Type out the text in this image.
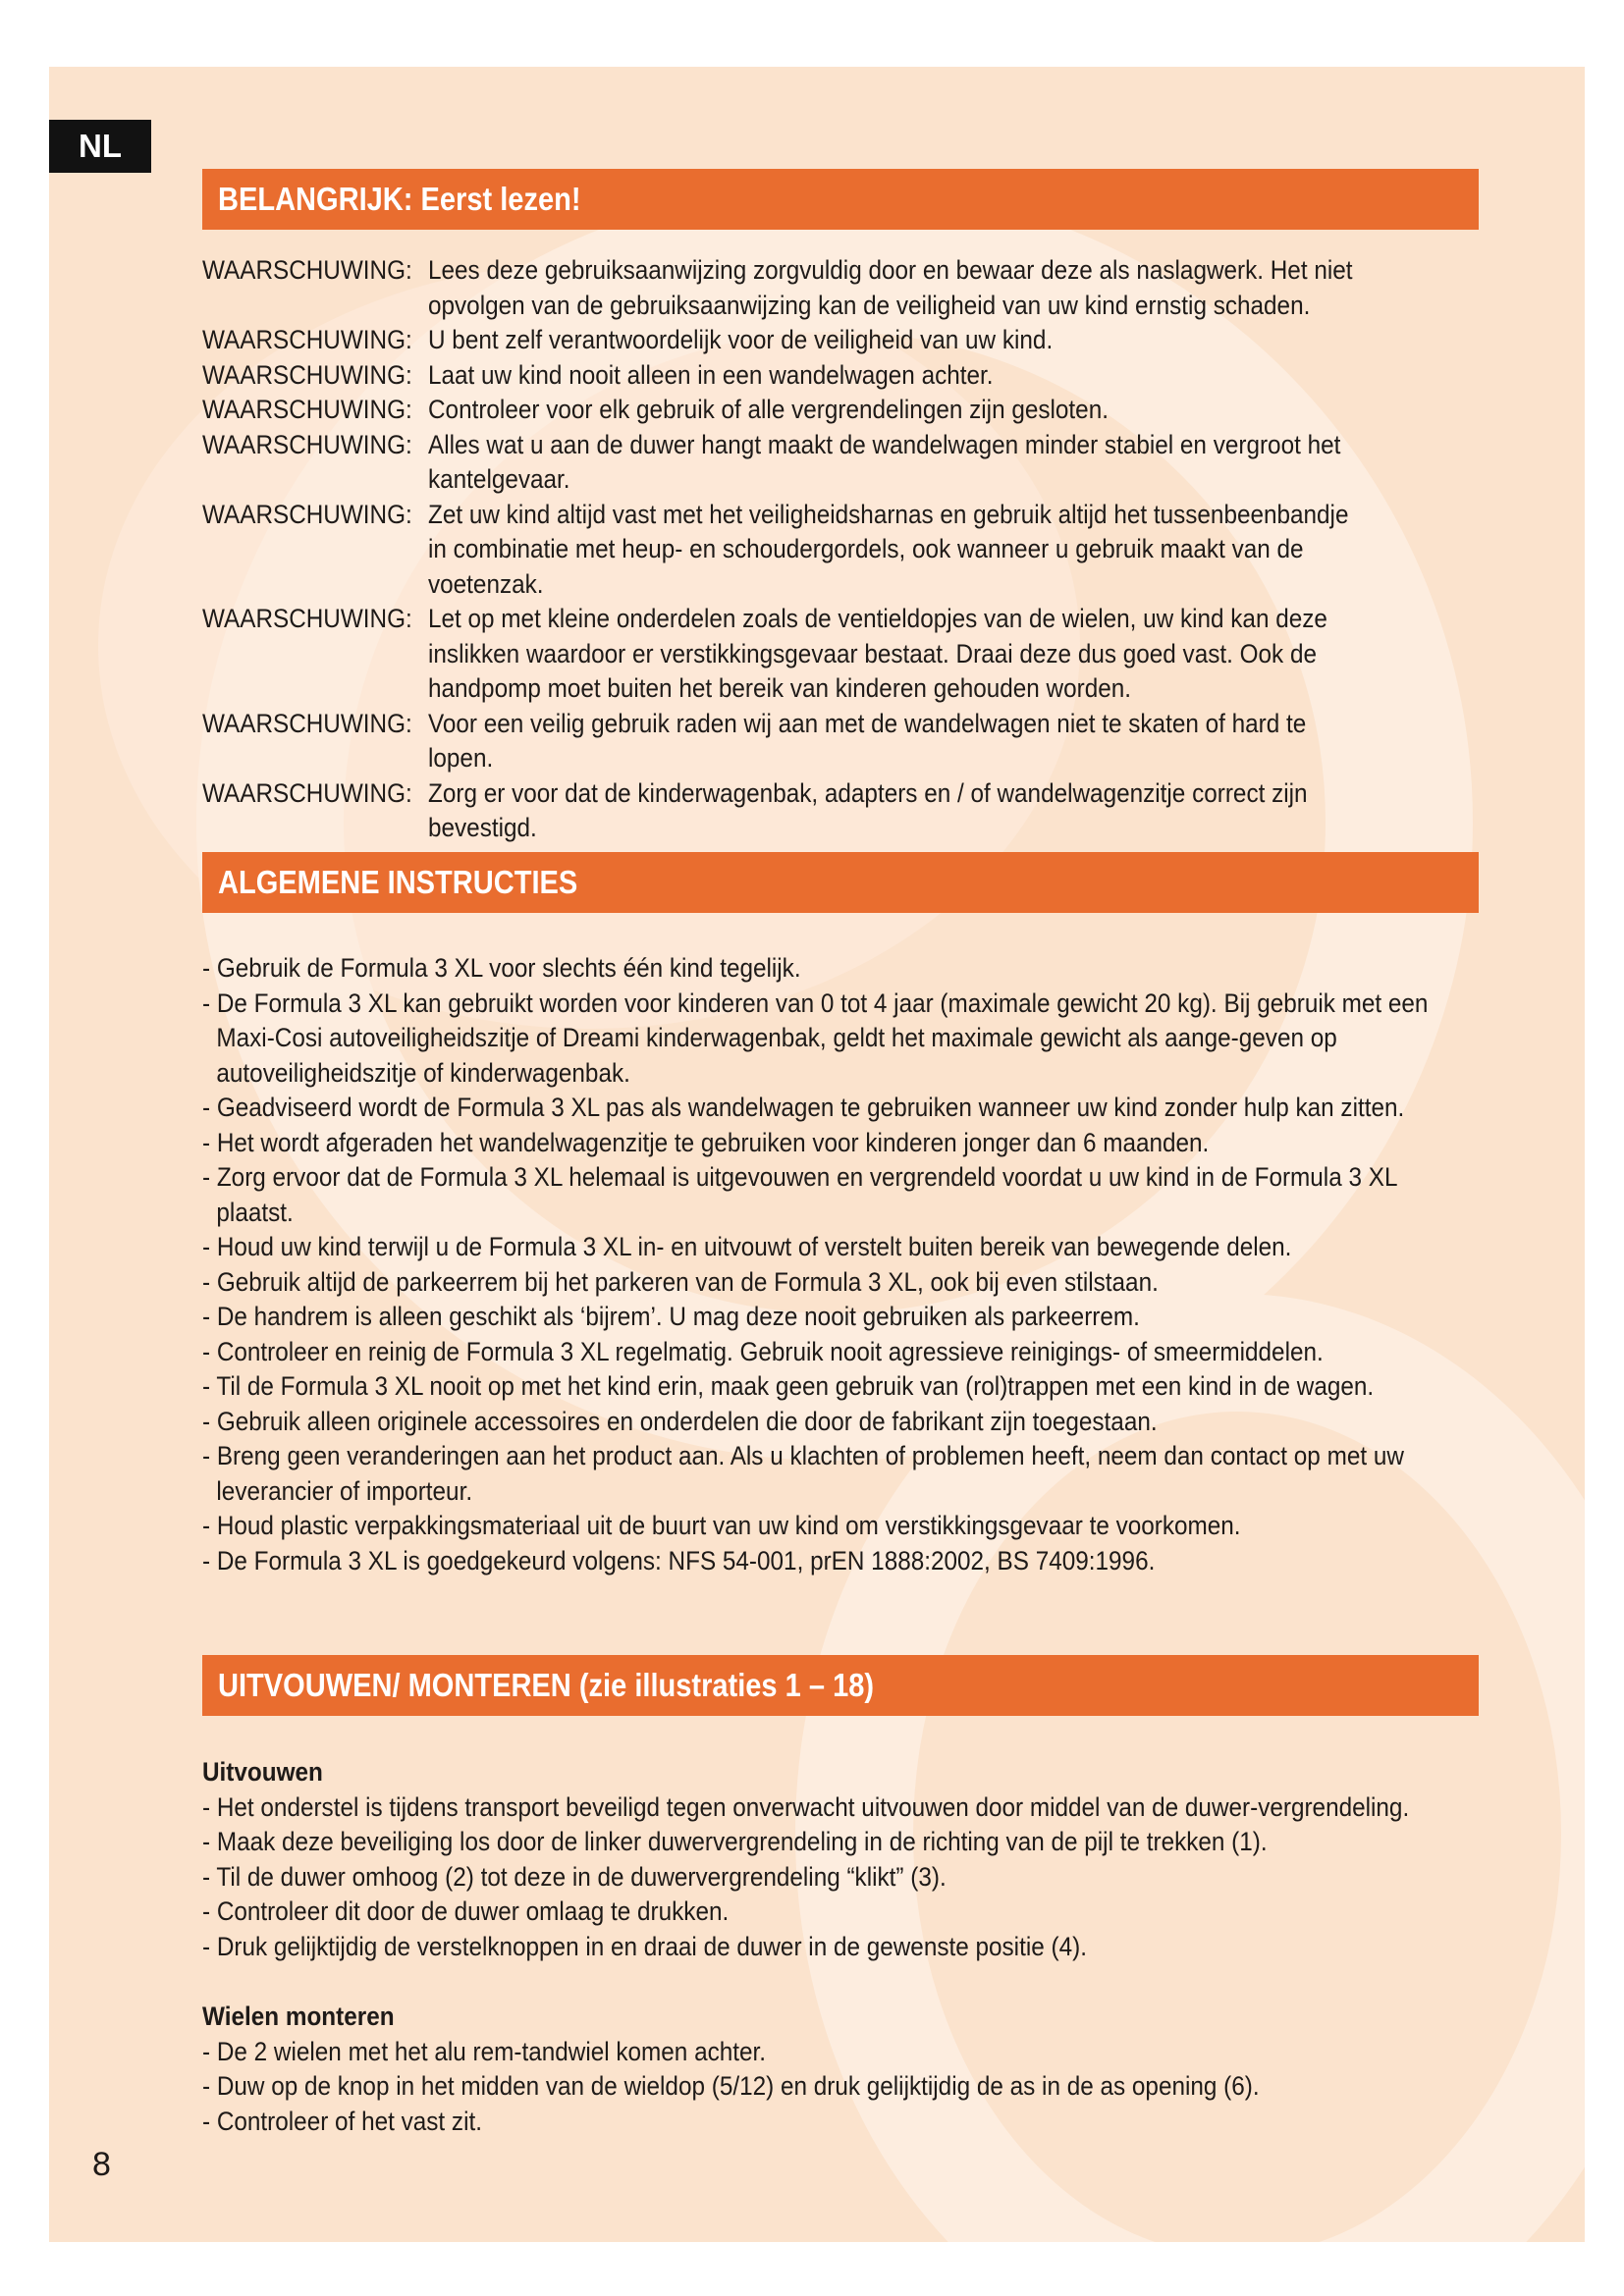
NL
BELANGRIJK: Eerst lezen!
WAARSCHUWING: Lees deze gebruiksaanwijzing zorgvuldig door en bewaar deze als naslagwerk. Het niet opvolgen van de gebruiksaanwijzing kan de veiligheid van uw kind ernstig schaden.
WAARSCHUWING: U bent zelf verantwoordelijk voor de veiligheid van uw kind.
WAARSCHUWING: Laat uw kind nooit alleen in een wandelwagen achter.
WAARSCHUWING: Controleer voor elk gebruik of alle vergrendelingen zijn gesloten.
WAARSCHUWING: Alles wat u aan de duwer hangt maakt de wandelwagen minder stabiel en vergroot het kantelgevaar.
WAARSCHUWING: Zet uw kind altijd vast met het veiligheidsharnas en gebruik altijd het tussenbeenbandje in combinatie met heup- en schoudergordels, ook wanneer u gebruik maakt van de voetenzak.
WAARSCHUWING: Let op met kleine onderdelen zoals de ventieldopjes van de wielen, uw kind kan deze inslikken waardoor er verstikkingsgevaar bestaat. Draai deze dus goed vast. Ook de handpomp moet buiten het bereik van kinderen gehouden worden.
WAARSCHUWING: Voor een veilig gebruik raden wij aan met de wandelwagen niet te skaten of hard te lopen.
WAARSCHUWING: Zorg er voor dat de kinderwagenbak, adapters en / of wandelwagenzitje correct zijn bevestigd.
ALGEMENE INSTRUCTIES
- Gebruik de Formula 3 XL voor slechts één kind tegelijk.
- De Formula 3 XL kan gebruikt worden voor kinderen van 0 tot 4 jaar (maximale gewicht 20 kg). Bij gebruik met een Maxi-Cosi autoveiligheidszitje of Dreami kinderwagenbak, geldt het maximale gewicht als aange-geven op autoveiligheidszitje of kinderwagenbak.
- Geadviseerd wordt de Formula 3 XL pas als wandelwagen te gebruiken wanneer uw kind zonder hulp kan zitten.
- Het wordt afgeraden het wandelwagenzitje te gebruiken voor kinderen jonger dan 6 maanden.
- Zorg ervoor dat de Formula 3 XL helemaal is uitgevouwen en vergrendeld voordat u uw kind in de Formula 3 XL plaatst.
- Houd uw kind terwijl u de Formula 3 XL in- en uitvouwt of verstelt buiten bereik van bewegende delen.
- Gebruik altijd de parkeerrem bij het parkeren van de Formula 3 XL, ook bij even stilstaan.
- De handrem is alleen geschikt als ‘bijrem’. U mag deze nooit gebruiken als parkeerrem.
- Controleer en reinig de Formula 3 XL regelmatig. Gebruik nooit agressieve reinigings- of smeermiddelen.
- Til de Formula 3 XL nooit op met het kind erin, maak geen gebruik van (rol)trappen met een kind in de wagen.
- Gebruik alleen originele accessoires en onderdelen die door de fabrikant zijn toegestaan.
- Breng geen veranderingen aan het product aan. Als u klachten of problemen heeft, neem dan contact op met uw leverancier of importeur.
- Houd plastic verpakkingsmateriaal uit de buurt van uw kind om verstikkingsgevaar te voorkomen.
- De Formula 3 XL is goedgekeurd volgens: NFS 54-001, prEN 1888:2002, BS 7409:1996.
UITVOUWEN/ MONTEREN (zie illustraties 1 – 18)
Uitvouwen
- Het onderstel is tijdens transport beveiligd tegen onverwacht uitvouwen door middel van de duwer-vergrendeling.
- Maak deze beveiliging los door de linker duwervergrendeling in de richting van de pijl te trekken (1).
- Til de duwer omhoog (2) tot deze in de duwervergrendeling “klikt” (3).
- Controleer dit door de duwer omlaag te drukken.
- Druk gelijktijdig de verstelknoppen in en draai de duwer in de gewenste positie (4).
Wielen monteren
- De 2 wielen met het alu rem-tandwiel komen achter.
- Duw op de knop in het midden van de wieldop (5/12) en druk gelijktijdig de as in de as opening (6).
- Controleer of het vast zit.
8
